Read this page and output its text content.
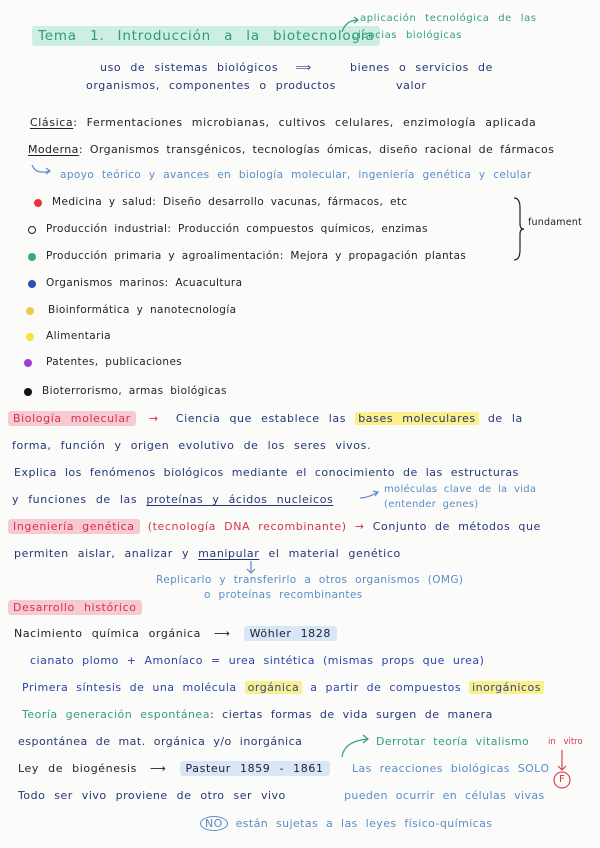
Tema 1. Introducción a la biotecnología
aplicación tecnológica de las
ciencias biológicas
uso de sistemas biológicos ⟹
organismos, componentes o productos
bienes o servicios de
valor
Clásica: Fermentaciones microbianas, cultivos celulares, enzimología aplicada
Moderna: Organismos transgénicos, tecnologías ómicas, diseño racional de fármacos
apoyo teórico y avances en biología molecular, ingeniería genética y celular
Medicina y salud: Diseño desarrollo vacunas, fármacos, etc
Producción industrial: Producción compuestos químicos, enzimas
Producción primaria y agroalimentación: Mejora y propagación plantas
Organismos marinos: Acuacultura
Bioinformática y nanotecnología
Alimentaria
Patentes, publicaciones
Bioterrorismo, armas biológicas
fundament
Biología molecular → Ciencia que establece las bases moleculares de la
forma, función y origen evolutivo de los seres vivos.
Explica los fenómenos biológicos mediante el conocimiento de las estructuras
y funciones de las proteínas y ácidos nucleicos
moléculas clave de la vida
(entender genes)
Ingeniería genética (tecnología DNA recombinante) → Conjunto de métodos que
permiten aislar, analizar y manipular el material genético
Replicarlo y transferirlo a otros organismos (OMG)
o proteínas recombinantes
Desarrollo histórico
Nacimiento química orgánica ⟶ Wöhler 1828
cianato plomo + Amoníaco = urea sintética (mismas props que urea)
Primera síntesis de una molécula orgánica a partir de compuestos inorgánicos
Teoría generación espontánea: ciertas formas de vida surgen de manera
espontánea de mat. orgánica y/o inorgánica	Derrotar teoría vitalismo in vitro
F
Ley de biogénesis ⟶ Pasteur 1859 - 1861	Las reacciones biológicas SOLO
Todo ser vivo proviene de otro ser vivo	pueden ocurrir en células vivas
NO están sujetas a las leyes físico-químicas
